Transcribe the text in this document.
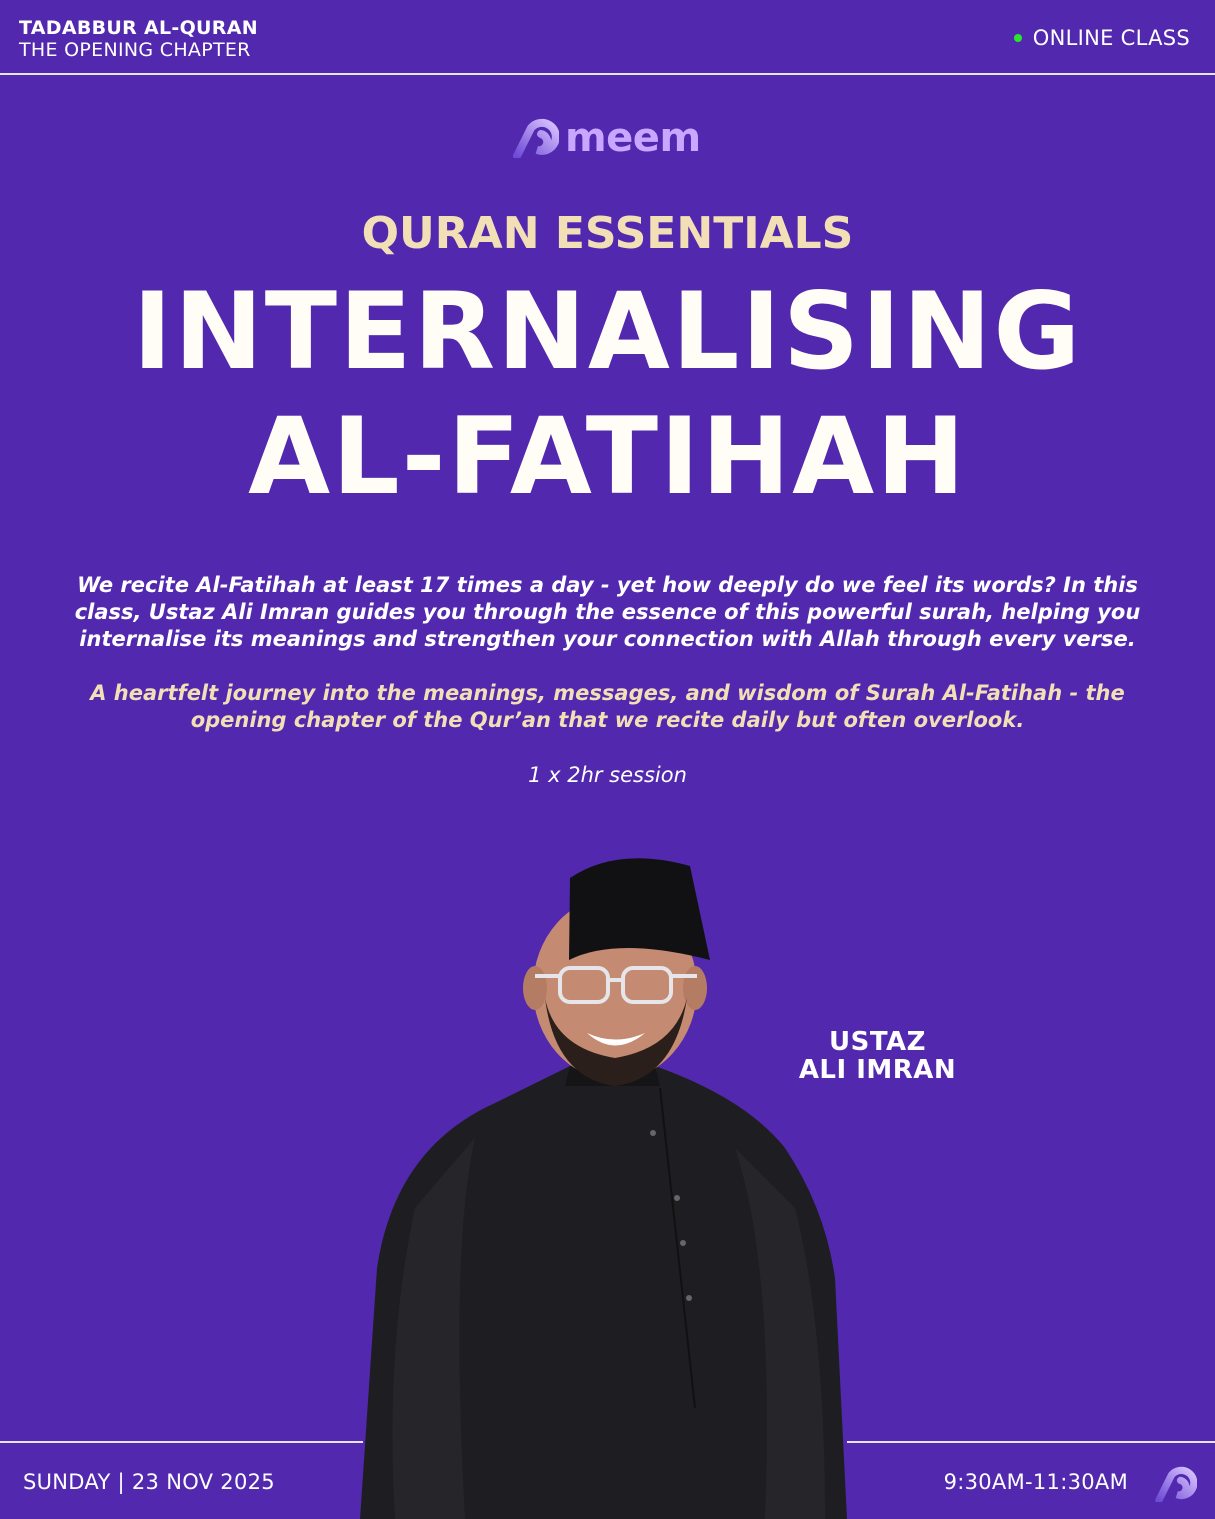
TADABBUR AL-QURAN
THE OPENING CHAPTER	ONLINE CLASS
meem
QURAN ESSENTIALS
INTERNALISING
AL-FATIHAH
We recite Al-Fatihah at least 17 times a day - yet how deeply do we feel its words? In this class, Ustaz Ali Imran guides you through the essence of this powerful surah, helping you internalise its meanings and strengthen your connection with Allah through every verse.
A heartfelt journey into the meanings, messages, and wisdom of Surah Al-Fatihah - the opening chapter of the Qur’an that we recite daily but often overlook.
1 x 2hr session
USTAZ
ALI IMRAN
SUNDAY | 23 NOV 2025	9:30AM-11:30AM
